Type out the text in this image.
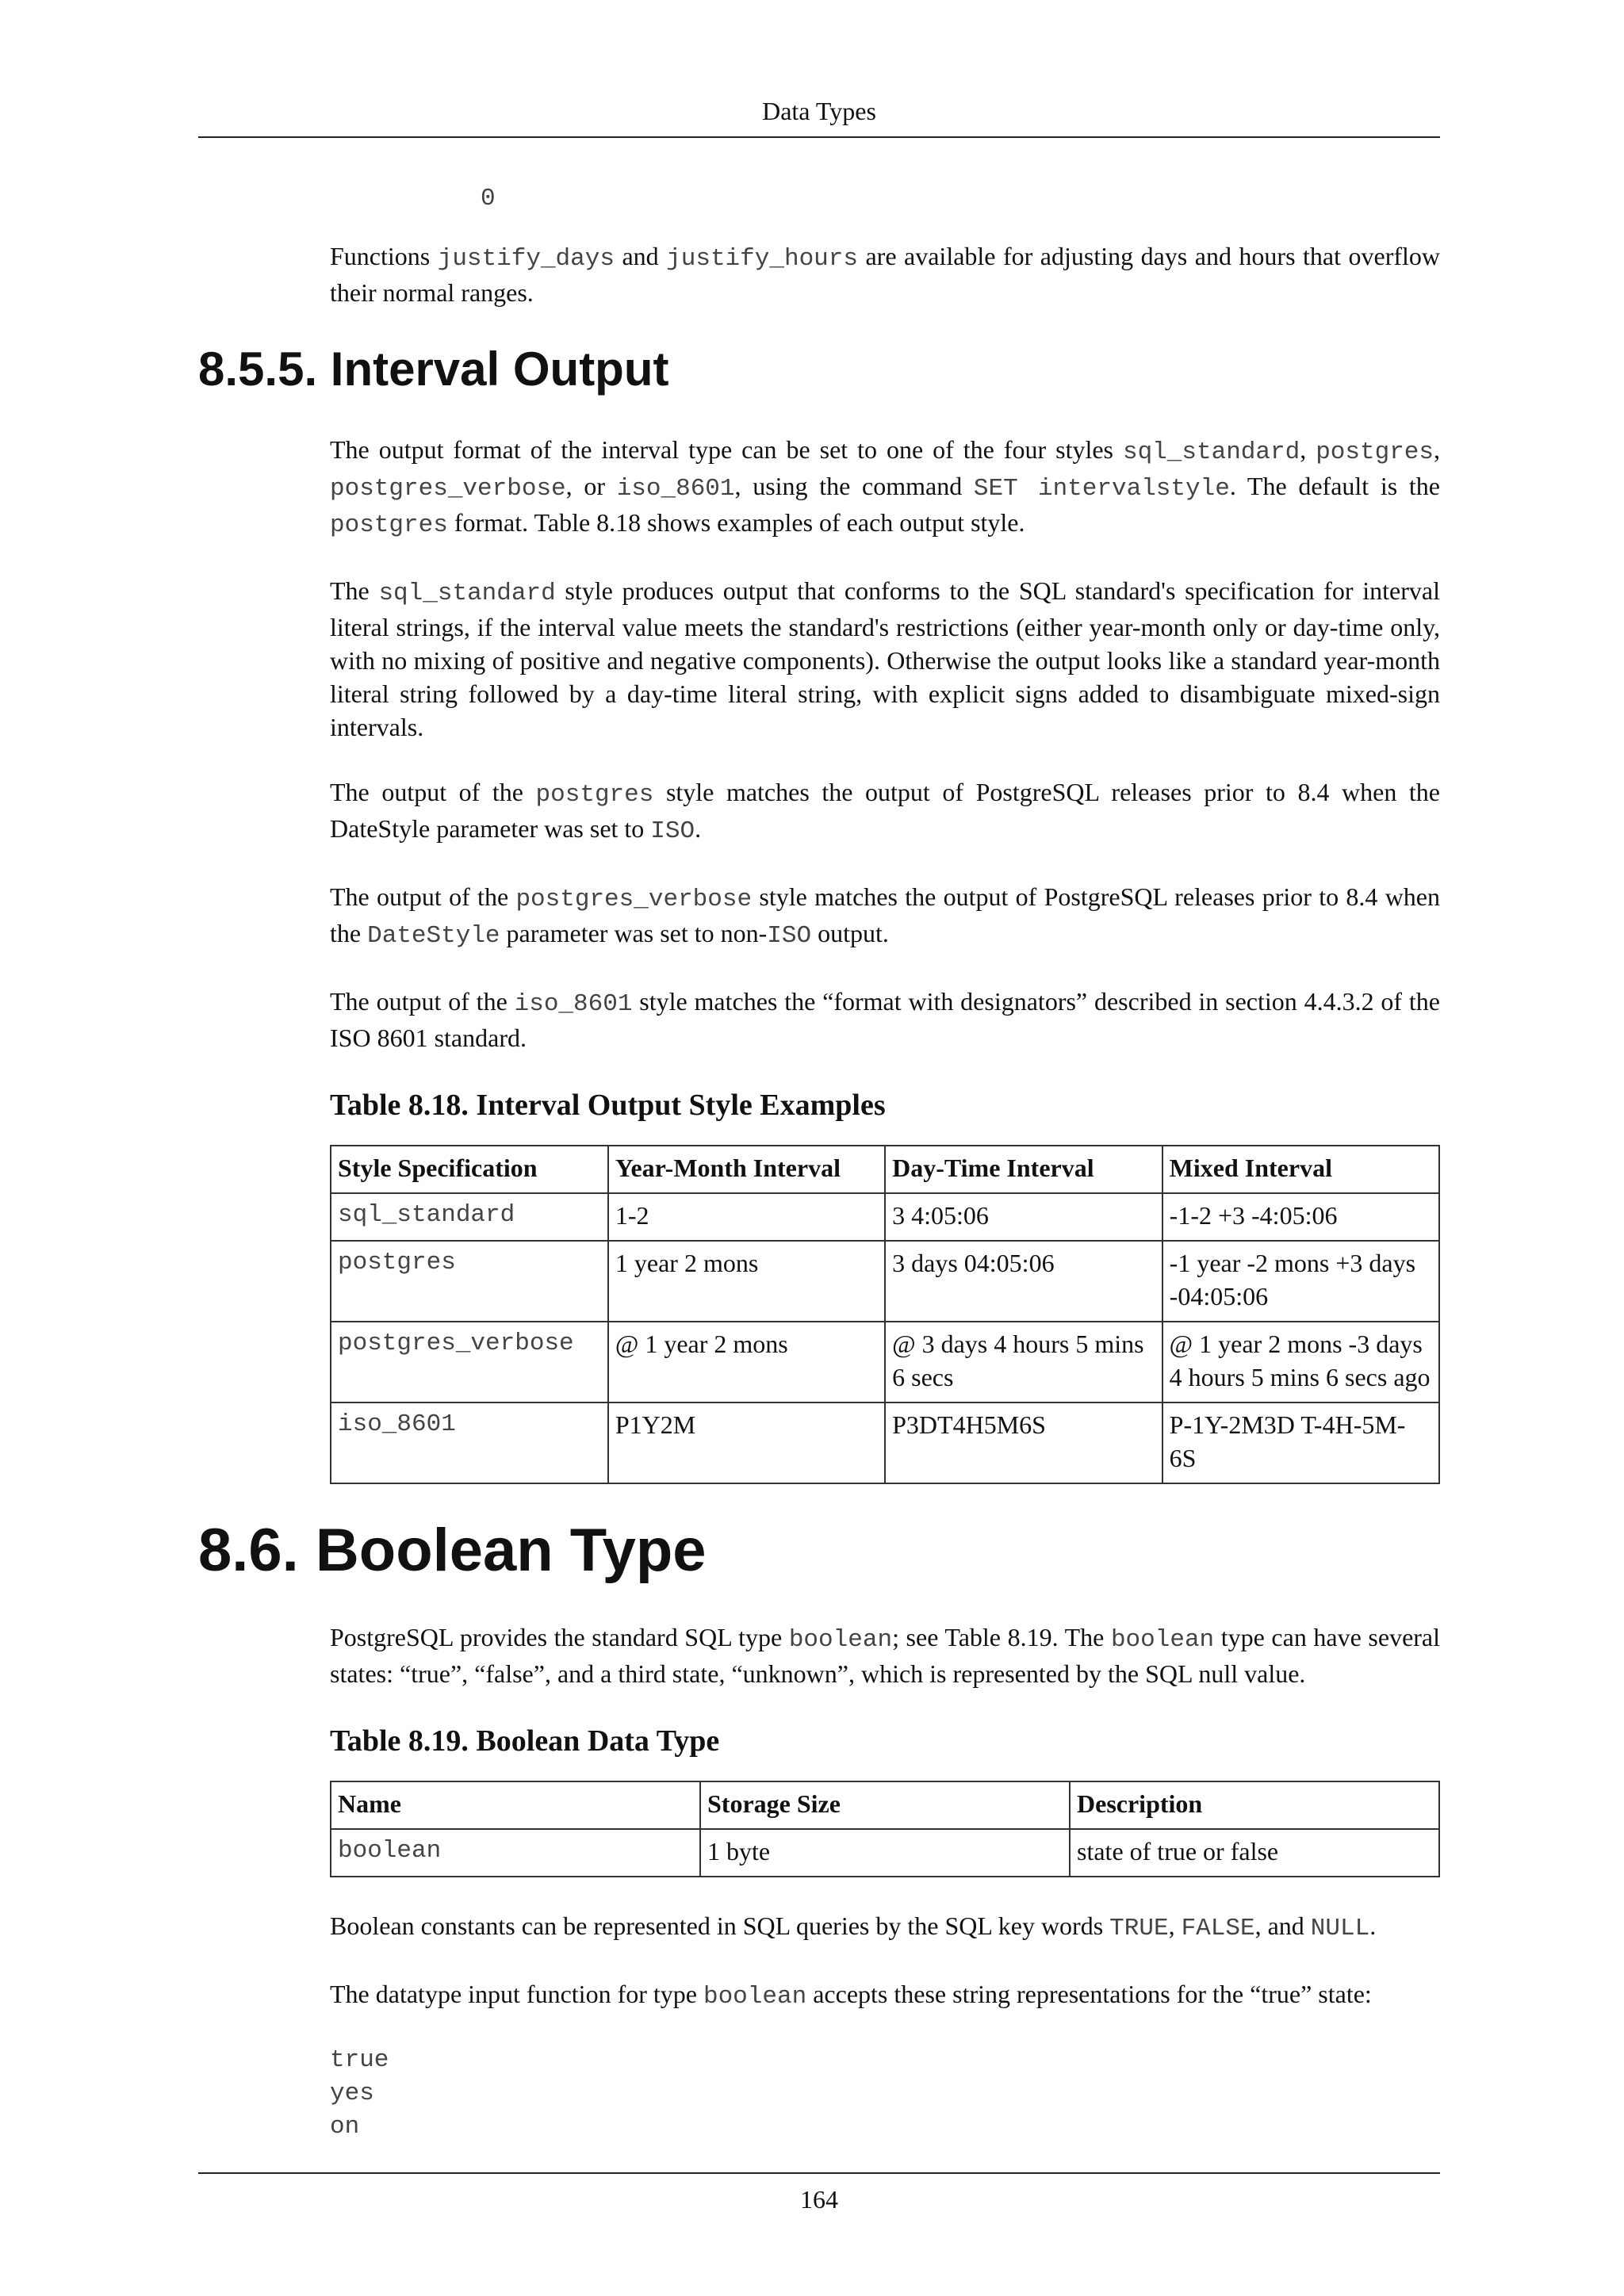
Data Types
0

Functions justify_days and justify_hours are available for adjusting days and hours that overflow their normal ranges.

8.5.5. Interval Output

The output format of the interval type can be set to one of the four styles sql_standard, postgres, postgres_verbose, or iso_8601, using the command SET intervalstyle. The default is the postgres format. Table 8.18 shows examples of each output style.

The sql_standard style produces output that conforms to the SQL standard's specification for interval literal strings, if the interval value meets the standard's restrictions (either year-month only or day-time only, with no mixing of positive and negative components). Otherwise the output looks like a standard year-month literal string followed by a day-time literal string, with explicit signs added to disambiguate mixed-sign intervals.

The output of the postgres style matches the output of PostgreSQL releases prior to 8.4 when the DateStyle parameter was set to ISO.

The output of the postgres_verbose style matches the output of PostgreSQL releases prior to 8.4 when the DateStyle parameter was set to non-ISO output.

The output of the iso_8601 style matches the “format with designators” described in section 4.4.3.2 of the ISO 8601 standard.

Table 8.18. Interval Output Style Examples
Style Specification	Year-Month Interval	Day-Time Interval	Mixed Interval
sql_standard	1-2	3 4:05:06	-1-2 +3 -4:05:06
postgres	1 year 2 mons	3 days 04:05:06	-1 year -2 mons +3 days -04:05:06
postgres_verbose	@ 1 year 2 mons	@ 3 days 4 hours 5 mins 6 secs	@ 1 year 2 mons -3 days 4 hours 5 mins 6 secs ago
iso_8601	P1Y2M	P3DT4H5M6S	P-1Y-2M3D T-4H-5M-6S
8.6. Boolean Type

PostgreSQL provides the standard SQL type boolean; see Table 8.19. The boolean type can have several states: “true”, “false”, and a third state, “unknown”, which is represented by the SQL null value.

Table 8.19. Boolean Data Type
Name	Storage Size	Description
boolean	1 byte	state of true or false

Boolean constants can be represented in SQL queries by the SQL key words TRUE, FALSE, and NULL.

The datatype input function for type boolean accepts these string representations for the “true” state:

true
yes
on
164
